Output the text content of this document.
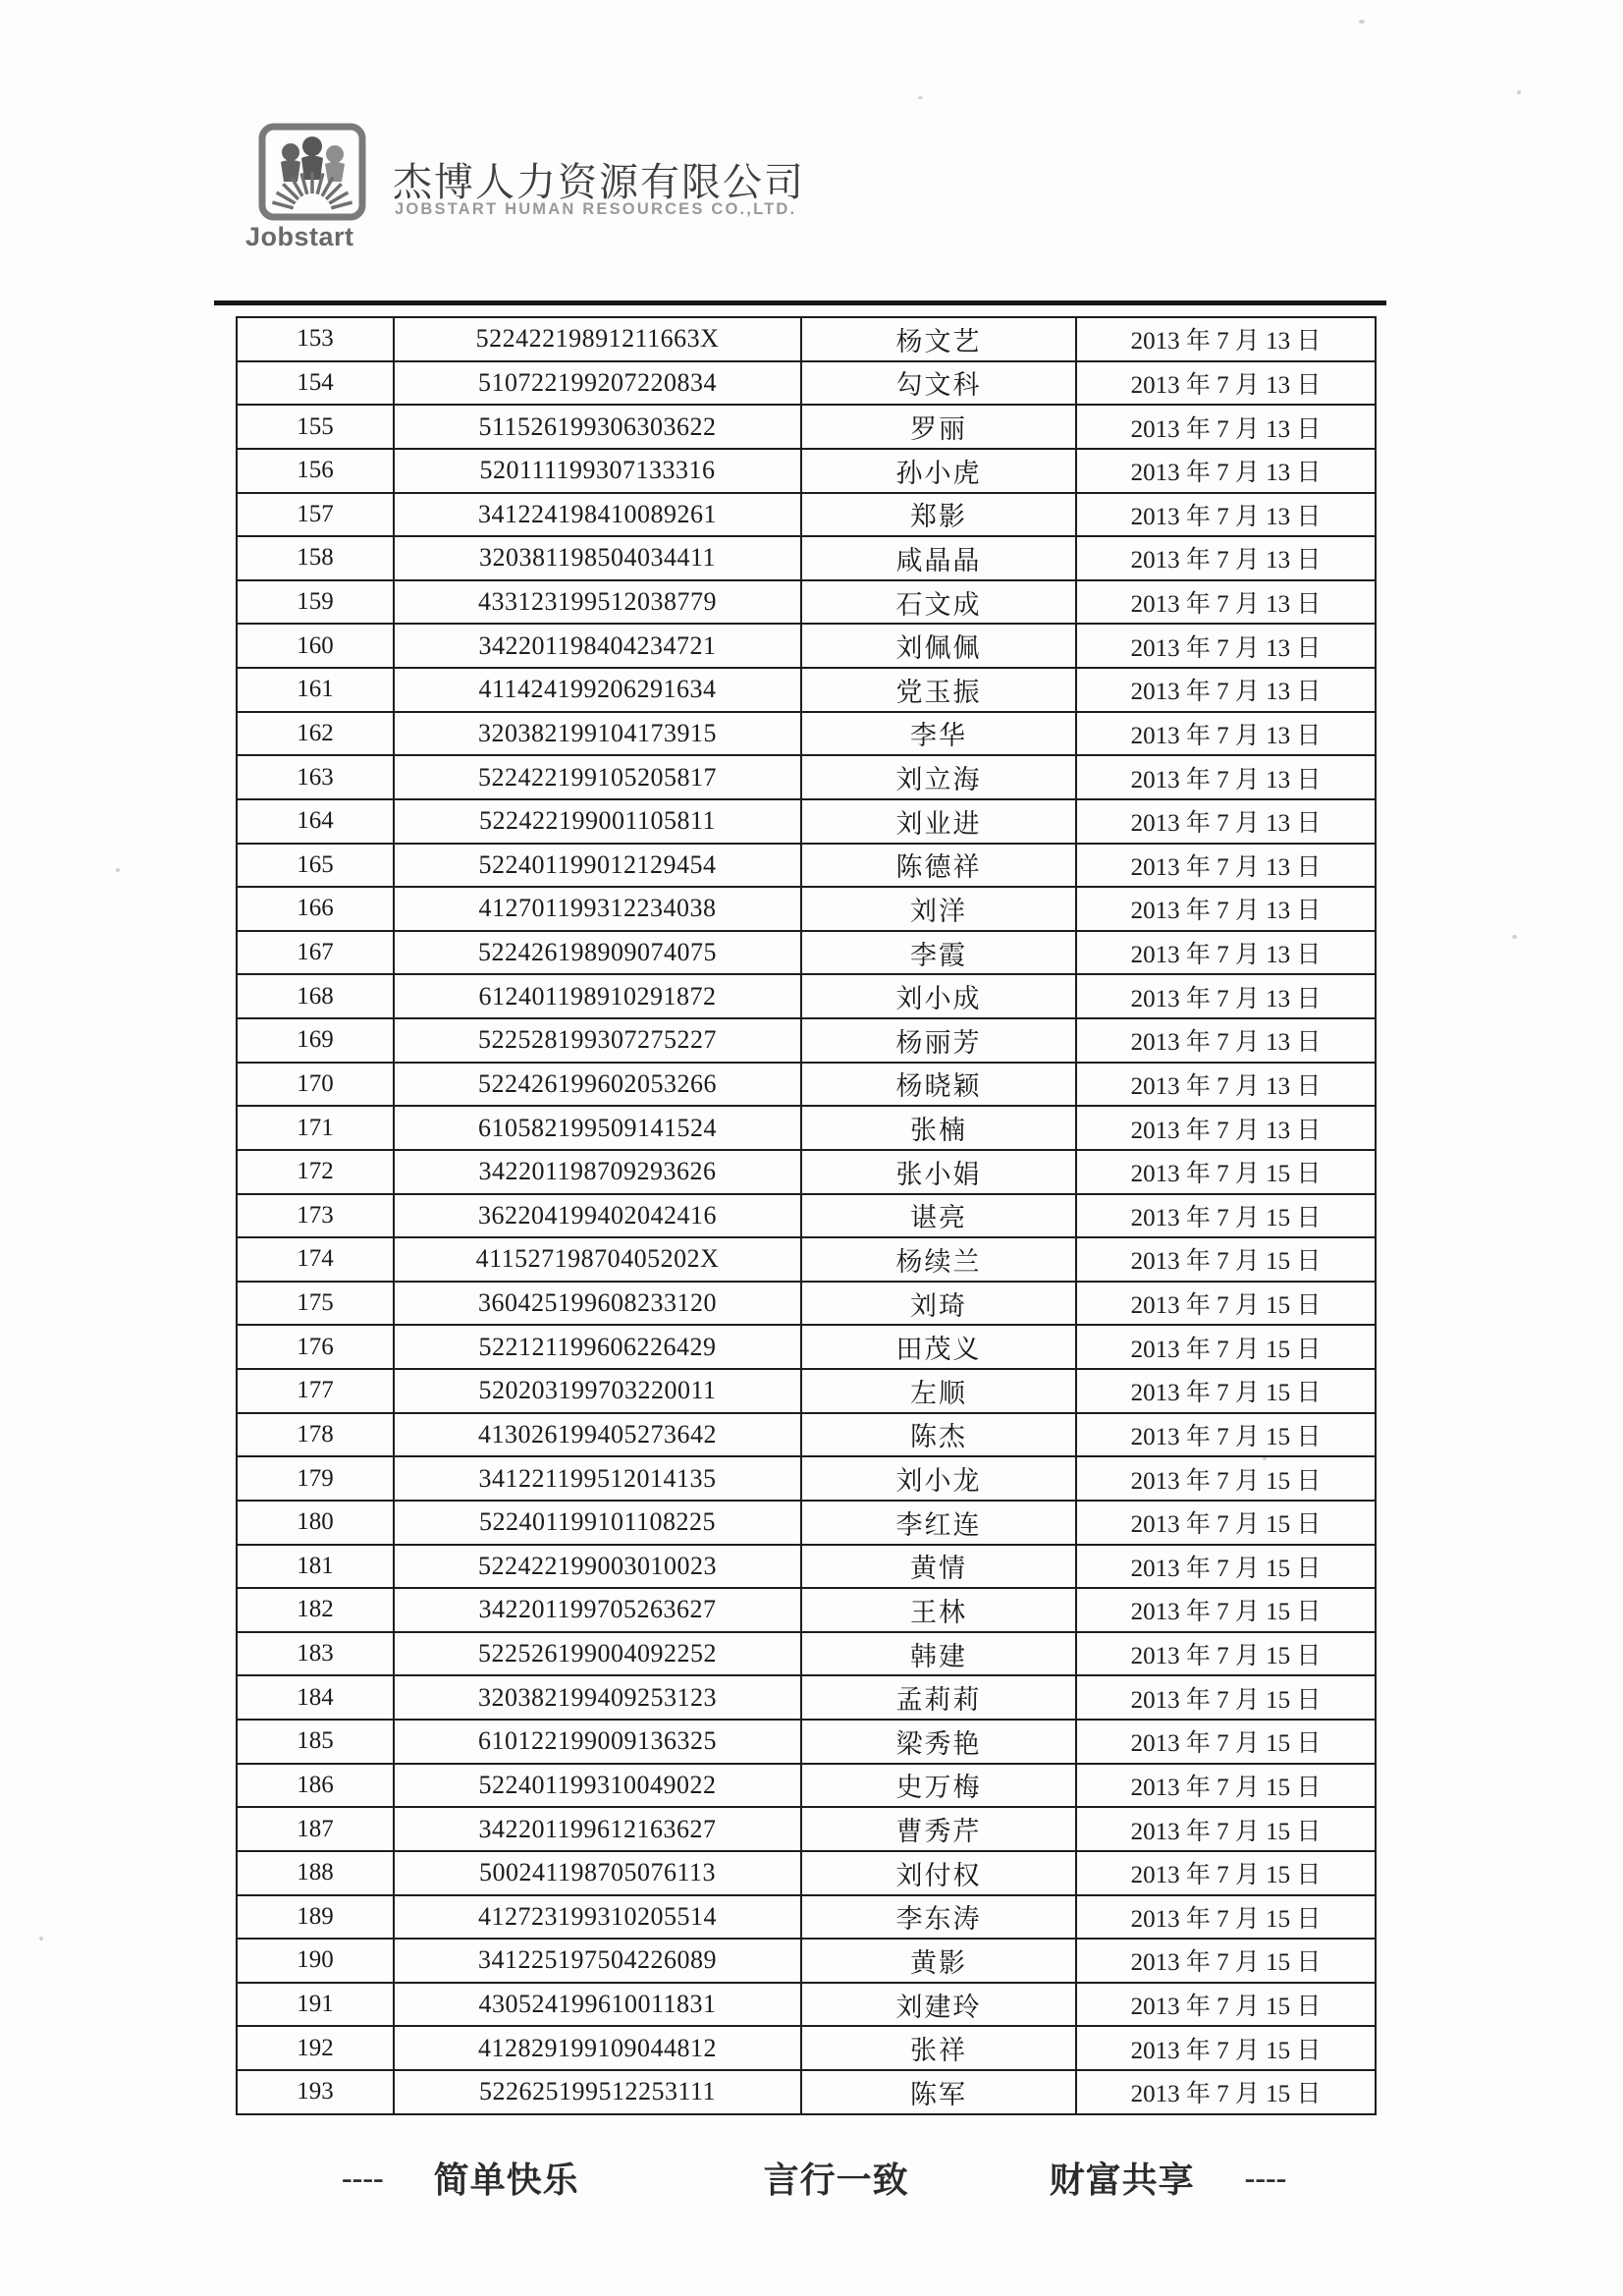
Jobstart
杰博人力资源有限公司
JOBSTART HUMAN RESOURCES CO.,LTD.
153	52242219891211663X	杨文艺	2013 年 7 月 13 日
154	510722199207220834	勾文科	2013 年 7 月 13 日
155	511526199306303622	罗丽	2013 年 7 月 13 日
156	520111199307133316	孙小虎	2013 年 7 月 13 日
157	341224198410089261	郑影	2013 年 7 月 13 日
158	320381198504034411	咸晶晶	2013 年 7 月 13 日
159	433123199512038779	石文成	2013 年 7 月 13 日
160	342201198404234721	刘佩佩	2013 年 7 月 13 日
161	411424199206291634	党玉振	2013 年 7 月 13 日
162	320382199104173915	李华	2013 年 7 月 13 日
163	522422199105205817	刘立海	2013 年 7 月 13 日
164	522422199001105811	刘业进	2013 年 7 月 13 日
165	522401199012129454	陈德祥	2013 年 7 月 13 日
166	412701199312234038	刘洋	2013 年 7 月 13 日
167	522426198909074075	李霞	2013 年 7 月 13 日
168	612401198910291872	刘小成	2013 年 7 月 13 日
169	522528199307275227	杨丽芳	2013 年 7 月 13 日
170	522426199602053266	杨晓颖	2013 年 7 月 13 日
171	610582199509141524	张楠	2013 年 7 月 13 日
172	342201198709293626	张小娟	2013 年 7 月 15 日
173	362204199402042416	谌亮	2013 年 7 月 15 日
174	41152719870405202X	杨续兰	2013 年 7 月 15 日
175	360425199608233120	刘琦	2013 年 7 月 15 日
176	522121199606226429	田茂义	2013 年 7 月 15 日
177	520203199703220011	左顺	2013 年 7 月 15 日
178	413026199405273642	陈杰	2013 年 7 月 15 日
179	341221199512014135	刘小龙	2013 年 7 月 15 日
180	522401199101108225	李红连	2013 年 7 月 15 日
181	522422199003010023	黄情	2013 年 7 月 15 日
182	342201199705263627	王林	2013 年 7 月 15 日
183	522526199004092252	韩建	2013 年 7 月 15 日
184	320382199409253123	孟莉莉	2013 年 7 月 15 日
185	610122199009136325	梁秀艳	2013 年 7 月 15 日
186	522401199310049022	史万梅	2013 年 7 月 15 日
187	342201199612163627	曹秀芹	2013 年 7 月 15 日
188	500241198705076113	刘付权	2013 年 7 月 15 日
189	412723199310205514	李东涛	2013 年 7 月 15 日
190	341225197504226089	黄影	2013 年 7 月 15 日
191	430524199610011831	刘建玲	2013 年 7 月 15 日
192	412829199109044812	张祥	2013 年 7 月 15 日
193	522625199512253111	陈军	2013 年 7 月 15 日
---- 简单快乐	言行一致	财富共享 ----
